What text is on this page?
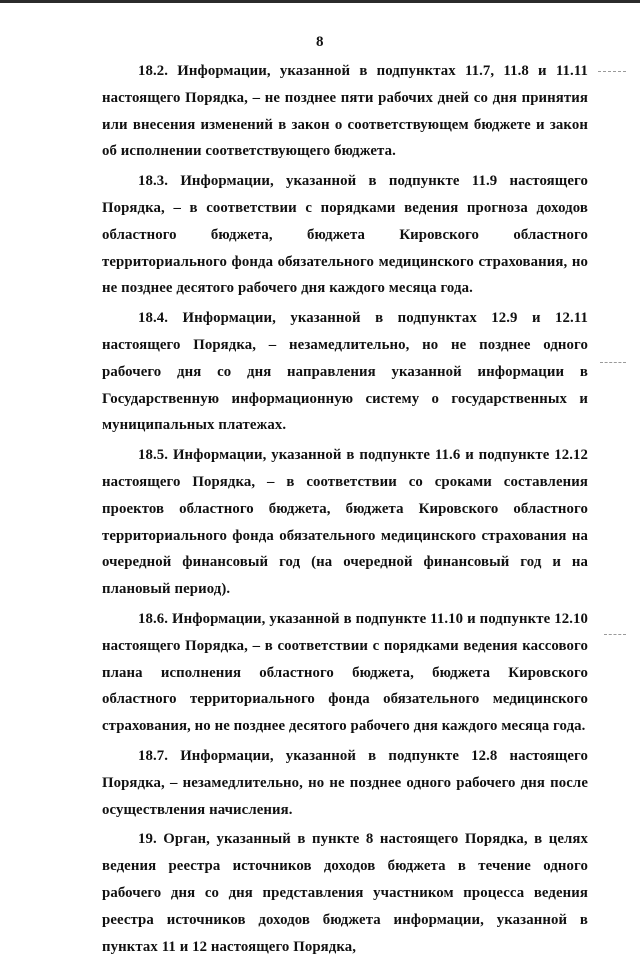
8

18.2. Информации, указанной в подпунктах 11.7, 11.8 и 11.11 настоящего Порядка, – не позднее пяти рабочих дней со дня принятия или внесения изменений в закон о соответствующем бюджете и закон об исполнении соответствующего бюджета.

18.3. Информации, указанной в подпункте 11.9 настоящего Порядка, – в соответствии с порядками ведения прогноза доходов областного бюджета, бюджета Кировского областного территориального фонда обязательного медицинского страхования, но не позднее десятого рабочего дня каждого месяца года.

18.4. Информации, указанной в подпунктах 12.9 и 12.11 настоящего Порядка, – незамедлительно, но не позднее одного рабочего дня со дня направления указанной информации в Государственную информационную систему о государственных и муниципальных платежах.

18.5. Информации, указанной в подпункте 11.6 и подпункте 12.12 настоящего Порядка, – в соответствии со сроками составления проектов областного бюджета, бюджета Кировского областного территориального фонда обязательного медицинского страхования на очередной финансовый год (на очередной финансовый год и на плановый период).

18.6. Информации, указанной в подпункте 11.10 и подпункте 12.10 настоящего Порядка, – в соответствии с порядками ведения кассового плана исполнения областного бюджета, бюджета Кировского областного территориального фонда обязательного медицинского страхования, но не позднее десятого рабочего дня каждого месяца года.

18.7. Информации, указанной в подпункте 12.8 настоящего Порядка, – незамедлительно, но не позднее одного рабочего дня после осуществления начисления.

19. Орган, указанный в пункте 8 настоящего Порядка, в целях ведения реестра источников доходов бюджета в течение одного рабочего дня со дня представления участником процесса ведения реестра источников доходов бюджета информации, указанной в пунктах 11 и 12 настоящего Порядка,
